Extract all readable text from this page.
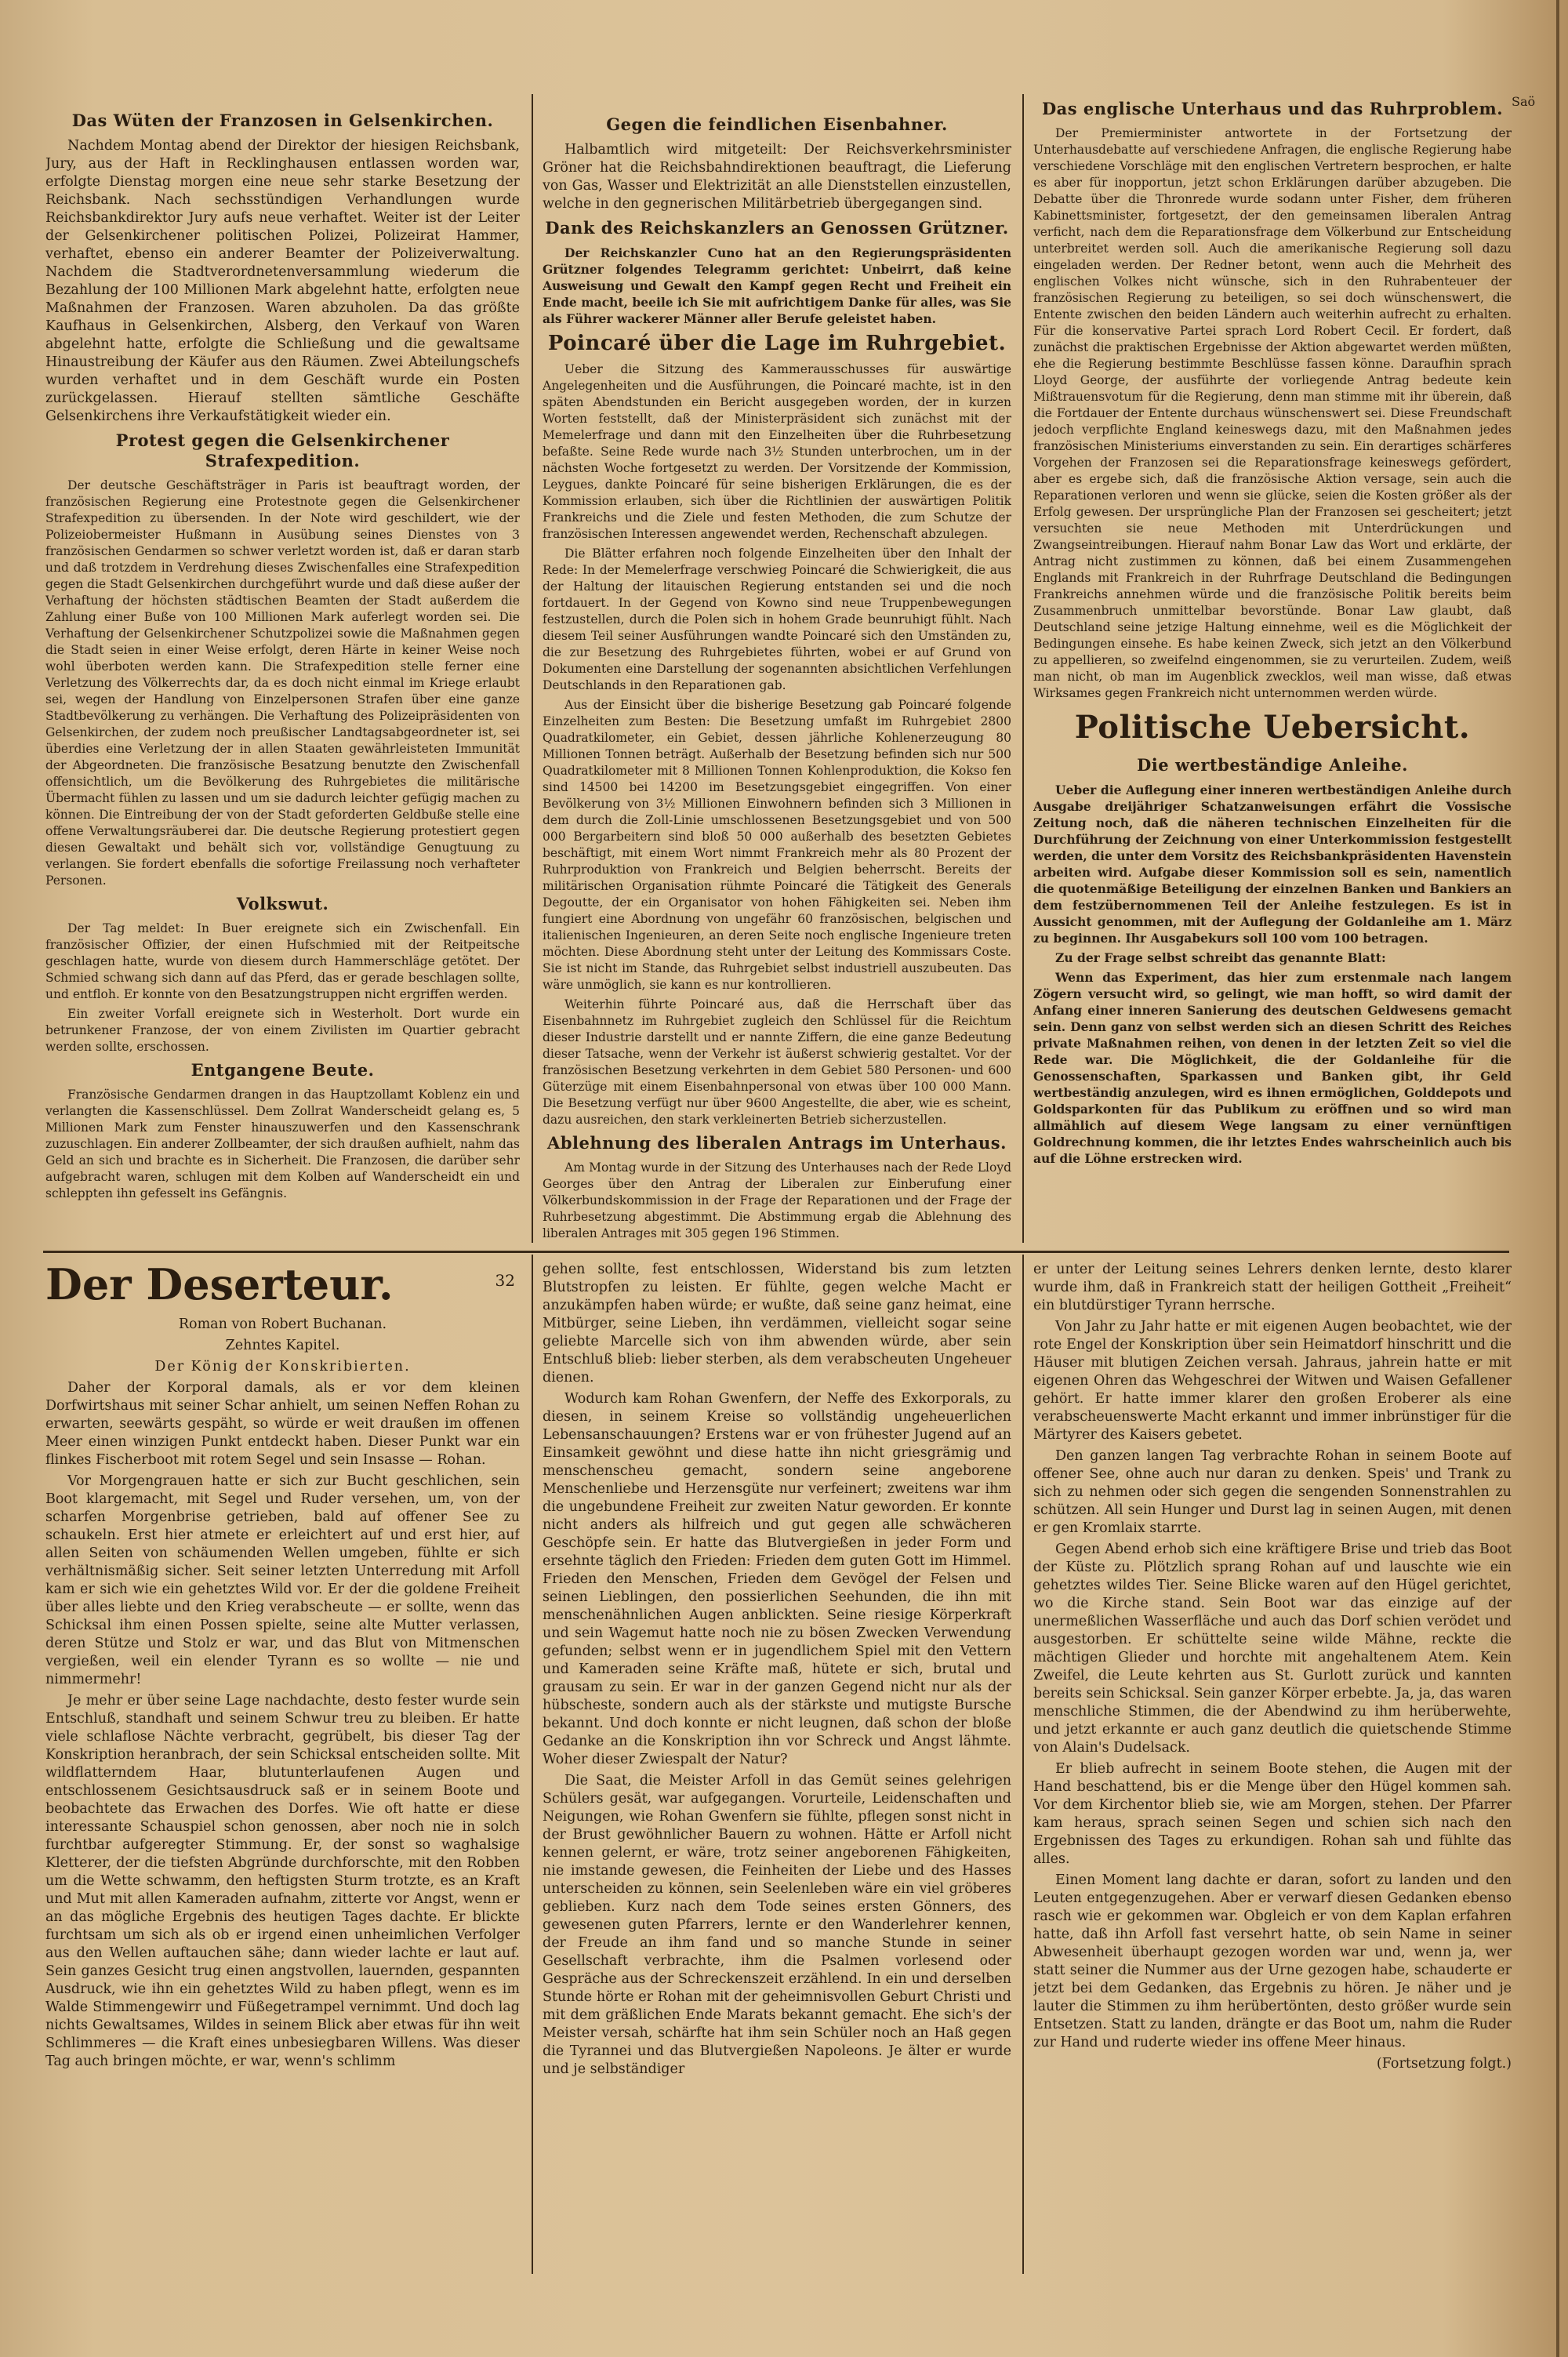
Das Wüten der Franzosen in Gelsenkirchen.

Nachdem Montag abend der Direktor der hiesigen Reichsbank, Jury, aus der Haft in Recklinghausen entlassen worden war, erfolgte Dienstag morgen eine neue sehr starke Besetzung der Reichsbank. Nach sechsstündigen Verhandlungen wurde Reichsbankdirektor Jury aufs neue verhaftet. Weiter ist der Leiter der Gelsenkirchener politischen Polizei, Polizeirat Hammer, verhaftet, ebenso ein anderer Beamter der Polizeiverwaltung. Nachdem die Stadtverordnetenversammlung wiederum die Bezahlung der 100 Millionen Mark abgelehnt hatte, erfolgten neue Maßnahmen der Franzosen. Waren abzuholen. Da das größte Kaufhaus in Gelsenkirchen, Alsberg, den Verkauf von Waren abgelehnt hatte, erfolgte die Schließung und die gewaltsame Hinaustreibung der Käufer aus den Räumen. Zwei Abteilungschefs wurden verhaftet und in dem Geschäft wurde ein Posten zurückgelassen. Hierauf stellten sämtliche Geschäfte Gelsenkirchens ihre Verkaufstätigkeit wieder ein.

Protest gegen die Gelsenkirchener Strafexpedition.

Der deutsche Geschäftsträger in Paris ist beauftragt worden, der französischen Regierung eine Protestnote gegen die Gelsenkirchener Strafexpedition zu übersenden. In der Note wird geschildert, wie der Polizeiobermeister Hußmann in Ausübung seines Dienstes von 3 französischen Gendarmen so schwer verletzt worden ist, daß er daran starb und daß trotzdem in Verdrehung dieses Zwischenfalles eine Strafexpedition gegen die Stadt Gelsenkirchen durchgeführt wurde und daß diese außer der Verhaftung der höchsten städtischen Beamten der Stadt außerdem die Zahlung einer Buße von 100 Millionen Mark auferlegt worden sei. Die Verhaftung der Gelsenkirchener Schutzpolizei sowie die Maßnahmen gegen die Stadt seien in einer Weise erfolgt, deren Härte in keiner Weise noch wohl überboten werden kann. Die Strafexpedition stelle ferner eine Verletzung des Völkerrechts dar, da es doch nicht einmal im Kriege erlaubt sei, wegen der Handlung von Einzelpersonen Strafen über eine ganze Stadtbevölkerung zu verhängen. Die Verhaftung des Polizeipräsidenten von Gelsenkirchen, der zudem noch preußischer Landtagsabgeordneter ist, sei überdies eine Verletzung der in allen Staaten gewährleisteten Immunität der Abgeordneten. Die französische Besatzung benutzte den Zwischenfall offensichtlich, um die Bevölkerung des Ruhrgebietes die militärische Übermacht fühlen zu lassen und um sie dadurch leichter gefügig machen zu können. Die Eintreibung der von der Stadt geforderten Geldbuße stelle eine offene Verwaltungsräuberei dar. Die deutsche Regierung protestiert gegen diesen Gewaltakt und behält sich vor, vollständige Genugtuung zu verlangen. Sie fordert ebenfalls die sofortige Freilassung noch verhafteter Personen.

Volkswut.

Der Tag meldet: In Buer ereignete sich ein Zwischenfall. Ein französischer Offizier, der einen Hufschmied mit der Reitpeitsche geschlagen hatte, wurde von diesem durch Hammerschläge getötet. Der Schmied schwang sich dann auf das Pferd, das er gerade beschlagen sollte, und entfloh. Er konnte von den Besatzungstruppen nicht ergriffen werden.

Ein zweiter Vorfall ereignete sich in Westerholt. Dort wurde ein betrunkener Franzose, der von einem Zivilisten im Quartier gebracht werden sollte, erschossen.

Entgangene Beute.

Französische Gendarmen drangen in das Hauptzollamt Koblenz ein und verlangten die Kassenschlüssel. Dem Zollrat Wanderscheidt gelang es, 5 Millionen Mark zum Fenster hinauszuwerfen und den Kassenschrank zuzuschlagen. Ein anderer Zollbeamter, der sich draußen aufhielt, nahm das Geld an sich und brachte es in Sicherheit. Die Franzosen, die darüber sehr aufgebracht waren, schlugen mit dem Kolben auf Wanderscheidt ein und schleppten ihn gefesselt ins Gefängnis.

Gegen die feindlichen Eisenbahner.

Halbamtlich wird mitgeteilt: Der Reichsverkehrsminister Gröner hat die Reichsbahndirektionen beauftragt, die Lieferung von Gas, Wasser und Elektrizität an alle Dienststellen einzustellen, welche in den gegnerischen Militärbetrieb übergegangen sind.

Dank des Reichskanzlers an Genossen Grützner.

Der Reichskanzler Cuno hat an den Regierungspräsidenten Grützner folgendes Telegramm gerichtet: Unbeirrt, daß keine Ausweisung und Gewalt den Kampf gegen Recht und Freiheit ein Ende macht, beeile ich Sie mit aufrichtigem Danke für alles, was Sie als Führer wackerer Männer aller Berufe geleistet haben.

Poincaré über die Lage im Ruhrgebiet.

Ueber die Sitzung des Kammerausschusses für auswärtige Angelegenheiten und die Ausführungen, die Poincaré machte, ist in den späten Abendstunden ein Bericht ausgegeben worden, der in kurzen Worten feststellt, daß der Ministerpräsident sich zunächst mit der Memelerfrage und dann mit den Einzelheiten über die Ruhrbesetzung befaßte. Seine Rede wurde nach 3½ Stunden unterbrochen, um in der nächsten Woche fortgesetzt zu werden. Der Vorsitzende der Kommission, Leygues, dankte Poincaré für seine bisherigen Erklärungen, die es der Kommission erlauben, sich über die Richtlinien der auswärtigen Politik Frankreichs und die Ziele und festen Methoden, die zum Schutze der französischen Interessen angewendet werden, Rechenschaft abzulegen.

Die Blätter erfahren noch folgende Einzelheiten über den Inhalt der Rede: In der Memelerfrage verschwieg Poincaré die Schwierigkeit, die aus der Haltung der litauischen Regierung entstanden sei und die noch fortdauert. In der Gegend von Kowno sind neue Truppenbewegungen festzustellen, durch die Polen sich in hohem Grade beunruhigt fühlt. Nach diesem Teil seiner Ausführungen wandte Poincaré sich den Umständen zu, die zur Besetzung des Ruhrgebietes führten, wobei er auf Grund von Dokumenten eine Darstellung der sogenannten absichtlichen Verfehlungen Deutschlands in den Reparationen gab.

Aus der Einsicht über die bisherige Besetzung gab Poincaré folgende Einzelheiten zum Besten: Die Besetzung umfaßt im Ruhrgebiet 2800 Quadratkilometer, ein Gebiet, dessen jährliche Kohlenerzeugung 80 Millionen Tonnen beträgt. Außerhalb der Besetzung befinden sich nur 500 Quadratkilometer mit 8 Millionen Tonnen Kohlenproduktion, die Kokso fen sind 14500 bei 14200 im Besetzungsgebiet eingegriffen. Von einer Bevölkerung von 3½ Millionen Einwohnern befinden sich 3 Millionen in dem durch die Zoll-Linie umschlossenen Besetzungsgebiet und von 500 000 Bergarbeitern sind bloß 50 000 außerhalb des besetzten Gebietes beschäftigt, mit einem Wort nimmt Frankreich mehr als 80 Prozent der Ruhrproduktion von Frankreich und Belgien beherrscht. Bereits der militärischen Organisation rühmte Poincaré die Tätigkeit des Generals Degoutte, der ein Organisator von hohen Fähigkeiten sei. Neben ihm fungiert eine Abordnung von ungefähr 60 französischen, belgischen und italienischen Ingenieuren, an deren Seite noch englische Ingenieure treten möchten. Diese Abordnung steht unter der Leitung des Kommissars Coste. Sie ist nicht im Stande, das Ruhrgebiet selbst industriell auszubeuten. Das wäre unmöglich, sie kann es nur kontrollieren.

Weiterhin führte Poincaré aus, daß die Herrschaft über das Eisenbahnnetz im Ruhrgebiet zugleich den Schlüssel für die Reichtum dieser Industrie darstellt und er nannte Ziffern, die eine ganze Bedeutung dieser Tatsache, wenn der Verkehr ist äußerst schwierig gestaltet. Vor der französischen Besetzung verkehrten in dem Gebiet 580 Personen- und 600 Güterzüge mit einem Eisenbahnpersonal von etwas über 100 000 Mann. Die Besetzung verfügt nur über 9600 Angestellte, die aber, wie es scheint, dazu ausreichen, den stark verkleinerten Betrieb sicherzustellen.

Ablehnung des liberalen Antrags im Unterhaus.

Am Montag wurde in der Sitzung des Unterhauses nach der Rede Lloyd Georges über den Antrag der Liberalen zur Einberufung einer Völkerbundskommission in der Frage der Reparationen und der Frage der Ruhrbesetzung abgestimmt. Die Abstimmung ergab die Ablehnung des liberalen Antrages mit 305 gegen 196 Stimmen.

Das englische Unterhaus und das Ruhrproblem.

Der Premierminister antwortete in der Fortsetzung der Unterhausdebatte auf verschiedene Anfragen, die englische Regierung habe verschiedene Vorschläge mit den englischen Vertretern besprochen, er halte es aber für inopportun, jetzt schon Erklärungen darüber abzugeben. Die Debatte über die Thronrede wurde sodann unter Fisher, dem früheren Kabinettsminister, fortgesetzt, der den gemeinsamen liberalen Antrag verficht, nach dem die Reparationsfrage dem Völkerbund zur Entscheidung unterbreitet werden soll. Auch die amerikanische Regierung soll dazu eingeladen werden. Der Redner betont, wenn auch die Mehrheit des englischen Volkes nicht wünsche, sich in den Ruhrabenteuer der französischen Regierung zu beteiligen, so sei doch wünschenswert, die Entente zwischen den beiden Ländern auch weiterhin aufrecht zu erhalten. Für die konservative Partei sprach Lord Robert Cecil. Er fordert, daß zunächst die praktischen Ergebnisse der Aktion abgewartet werden müßten, ehe die Regierung bestimmte Beschlüsse fassen könne. Daraufhin sprach Lloyd George, der ausführte der vorliegende Antrag bedeute kein Mißtrauensvotum für die Regierung, denn man stimme mit ihr überein, daß die Fortdauer der Entente durchaus wünschenswert sei. Diese Freundschaft jedoch verpflichte England keineswegs dazu, mit den Maßnahmen jedes französischen Ministeriums einverstanden zu sein. Ein derartiges schärferes Vorgehen der Franzosen sei die Reparationsfrage keineswegs gefördert, aber es ergebe sich, daß die französische Aktion versage, sein auch die Reparationen verloren und wenn sie glücke, seien die Kosten größer als der Erfolg gewesen. Der ursprüngliche Plan der Franzosen sei gescheitert; jetzt versuchten sie neue Methoden mit Unterdrückungen und Zwangseintreibungen. Hierauf nahm Bonar Law das Wort und erklärte, der Antrag nicht zustimmen zu können, daß bei einem Zusammengehen Englands mit Frankreich in der Ruhrfrage Deutschland die Bedingungen Frankreichs annehmen würde und die französische Politik bereits beim Zusammenbruch unmittelbar bevorstünde. Bonar Law glaubt, daß Deutschland seine jetzige Haltung einnehme, weil es die Möglichkeit der Bedingungen einsehe. Es habe keinen Zweck, sich jetzt an den Völkerbund zu appellieren, so zweifelnd eingenommen, sie zu verurteilen. Zudem, weiß man nicht, ob man im Augenblick zwecklos, weil man wisse, daß etwas Wirksames gegen Frankreich nicht unternommen werden würde.

Politische Uebersicht.
Die wertbeständige Anleihe.

Ueber die Auflegung einer inneren wertbeständigen Anleihe durch Ausgabe dreijähriger Schatzanweisungen erfährt die Vossische Zeitung noch, daß die näheren technischen Einzelheiten für die Durchführung der Zeichnung von einer Unterkommission festgestellt werden, die unter dem Vorsitz des Reichsbankpräsidenten Havenstein arbeiten wird. Aufgabe dieser Kommission soll es sein, namentlich die quotenmäßige Beteiligung der einzelnen Banken und Bankiers an dem festzübernommenen Teil der Anleihe festzulegen. Es ist in Aussicht genommen, mit der Auflegung der Goldanleihe am 1. März zu beginnen. Ihr Ausgabekurs soll 100 vom 100 betragen.

Zu der Frage selbst schreibt das genannte Blatt:

Wenn das Experiment, das hier zum erstenmale nach langem Zögern versucht wird, so gelingt, wie man hofft, so wird damit der Anfang einer inneren Sanierung des deutschen Geldwesens gemacht sein. Denn ganz von selbst werden sich an diesen Schritt des Reiches private Maßnahmen reihen, von denen in der letzten Zeit so viel die Rede war. Die Möglichkeit, die der Goldanleihe für die Genossenschaften, Sparkassen und Banken gibt, ihr Geld wertbeständig anzulegen, wird es ihnen ermöglichen, Golddepots und Goldsparkonten für das Publikum zu eröffnen und so wird man allmählich auf diesem Wege langsam zu einer vernünftigen Goldrechnung kommen, die ihr letztes Endes wahrscheinlich auch bis auf die Löhne erstrecken wird.

Der Deserteur.	32

Roman von Robert Buchanan.

Zehntes Kapitel.

Der König der Konskribierten.

Daher der Korporal damals, als er vor dem kleinen Dorfwirtshaus mit seiner Schar anhielt, um seinen Neffen Rohan zu erwarten, seewärts gespäht, so würde er weit draußen im offenen Meer einen winzigen Punkt entdeckt haben. Dieser Punkt war ein flinkes Fischerboot mit rotem Segel und sein Insasse — Rohan.

Vor Morgengrauen hatte er sich zur Bucht geschlichen, sein Boot klargemacht, mit Segel und Ruder versehen, um, von der scharfen Morgenbrise getrieben, bald auf offener See zu schaukeln. Erst hier atmete er erleichtert auf und erst hier, auf allen Seiten von schäumenden Wellen umgeben, fühlte er sich verhältnismäßig sicher. Seit seiner letzten Unterredung mit Arfoll kam er sich wie ein gehetztes Wild vor. Er der die goldene Freiheit über alles liebte und den Krieg verabscheute — er sollte, wenn das Schicksal ihm einen Possen spielte, seine alte Mutter verlassen, deren Stütze und Stolz er war, und das Blut von Mitmenschen vergießen, weil ein elender Tyrann es so wollte — nie und nimmermehr!

Je mehr er über seine Lage nachdachte, desto fester wurde sein Entschluß, standhaft und seinem Schwur treu zu bleiben. Er hatte viele schlaflose Nächte verbracht, gegrübelt, bis dieser Tag der Konskription heranbrach, der sein Schicksal entscheiden sollte. Mit wildflatterndem Haar, blutunterlaufenen Augen und entschlossenem Gesichtsausdruck saß er in seinem Boote und beobachtete das Erwachen des Dorfes. Wie oft hatte er diese interessante Schauspiel schon genossen, aber noch nie in solch furchtbar aufgeregter Stimmung. Er, der sonst so waghalsige Kletterer, der die tiefsten Abgründe durchforschte, mit den Robben um die Wette schwamm, den heftigsten Sturm trotzte, es an Kraft und Mut mit allen Kameraden aufnahm, zitterte vor Angst, wenn er an das mögliche Ergebnis des heutigen Tages dachte. Er blickte furchtsam um sich als ob er irgend einen unheimlichen Verfolger aus den Wellen auftauchen sähe; dann wieder lachte er laut auf. Sein ganzes Gesicht trug einen angstvollen, lauernden, gespannten Ausdruck, wie ihn ein gehetztes Wild zu haben pflegt, wenn es im Walde Stimmengewirr und Füßegetrampel vernimmt. Und doch lag nichts Gewaltsames, Wildes in seinem Blick aber etwas für ihn weit Schlimmeres — die Kraft eines unbesiegbaren Willens. Was dieser Tag auch bringen möchte, er war, wenn's schlimm

gehen sollte, fest entschlossen, Widerstand bis zum letzten Blutstropfen zu leisten. Er fühlte, gegen welche Macht er anzukämpfen haben würde; er wußte, daß seine ganz heimat, eine Mitbürger, seine Lieben, ihn verdämmen, vielleicht sogar seine geliebte Marcelle sich von ihm abwenden würde, aber sein Entschluß blieb: lieber sterben, als dem verabscheuten Ungeheuer dienen.

Wodurch kam Rohan Gwenfern, der Neffe des Exkorporals, zu diesen, in seinem Kreise so vollständig ungeheuerlichen Lebensanschauungen? Erstens war er von frühester Jugend auf an Einsamkeit gewöhnt und diese hatte ihn nicht griesgrämig und menschenscheu gemacht, sondern seine angeborene Menschenliebe und Herzensgüte nur verfeinert; zweitens war ihm die ungebundene Freiheit zur zweiten Natur geworden. Er konnte nicht anders als hilfreich und gut gegen alle schwächeren Geschöpfe sein. Er hatte das Blutvergießen in jeder Form und ersehnte täglich den Frieden: Frieden dem guten Gott im Himmel. Frieden den Menschen, Frieden dem Gevögel der Felsen und seinen Lieblingen, den possierlichen Seehunden, die ihn mit menschenähnlichen Augen anblickten. Seine riesige Körperkraft und sein Wagemut hatte noch nie zu bösen Zwecken Verwendung gefunden; selbst wenn er in jugendlichem Spiel mit den Vettern und Kameraden seine Kräfte maß, hütete er sich, brutal und grausam zu sein. Er war in der ganzen Gegend nicht nur als der hübscheste, sondern auch als der stärkste und mutigste Bursche bekannt. Und doch konnte er nicht leugnen, daß schon der bloße Gedanke an die Konskription ihn vor Schreck und Angst lähmte. Woher dieser Zwiespalt der Natur?

Die Saat, die Meister Arfoll in das Gemüt seines gelehrigen Schülers gesät, war aufgegangen. Vorurteile, Leidenschaften und Neigungen, wie Rohan Gwenfern sie fühlte, pflegen sonst nicht in der Brust gewöhnlicher Bauern zu wohnen. Hätte er Arfoll nicht kennen gelernt, er wäre, trotz seiner angeborenen Fähigkeiten, nie imstande gewesen, die Feinheiten der Liebe und des Hasses unterscheiden zu können, sein Seelenleben wäre ein viel gröberes geblieben. Kurz nach dem Tode seines ersten Gönners, des gewesenen guten Pfarrers, lernte er den Wanderlehrer kennen, der Freude an ihm fand und so manche Stunde in seiner Gesellschaft verbrachte, ihm die Psalmen vorlesend oder Gespräche aus der Schreckenszeit erzählend. In ein und derselben Stunde hörte er Rohan mit der geheimnisvollen Geburt Christi und mit dem gräßlichen Ende Marats bekannt gemacht. Ehe sich's der Meister versah, schärfte hat ihm sein Schüler noch an Haß gegen die Tyrannei und das Blutvergießen Napoleons. Je älter er wurde und je selbständiger

er unter der Leitung seines Lehrers denken lernte, desto klarer wurde ihm, daß in Frankreich statt der heiligen Gottheit „Freiheit“ ein blutdürstiger Tyrann herrsche.

Von Jahr zu Jahr hatte er mit eigenen Augen beobachtet, wie der rote Engel der Konskription über sein Heimatdorf hinschritt und die Häuser mit blutigen Zeichen versah. Jahraus, jahrein hatte er mit eigenen Ohren das Wehgeschrei der Witwen und Waisen Gefallener gehört. Er hatte immer klarer den großen Eroberer als eine verabscheuenswerte Macht erkannt und immer inbrünstiger für die Märtyrer des Kaisers gebetet.

Den ganzen langen Tag verbrachte Rohan in seinem Boote auf offener See, ohne auch nur daran zu denken. Speis' und Trank zu sich zu nehmen oder sich gegen die sengenden Sonnenstrahlen zu schützen. All sein Hunger und Durst lag in seinen Augen, mit denen er gen Kromlaix starrte.

Gegen Abend erhob sich eine kräftigere Brise und trieb das Boot der Küste zu. Plötzlich sprang Rohan auf und lauschte wie ein gehetztes wildes Tier. Seine Blicke waren auf den Hügel gerichtet, wo die Kirche stand. Sein Boot war das einzige auf der unermeßlichen Wasserfläche und auch das Dorf schien verödet und ausgestorben. Er schüttelte seine wilde Mähne, reckte die mächtigen Glieder und horchte mit angehaltenem Atem. Kein Zweifel, die Leute kehrten aus St. Gurlott zurück und kannten bereits sein Schicksal. Sein ganzer Körper erbebte. Ja, ja, das waren menschliche Stimmen, die der Abendwind zu ihm herüberwehte, und jetzt erkannte er auch ganz deutlich die quietschende Stimme von Alain's Dudelsack.

Er blieb aufrecht in seinem Boote stehen, die Augen mit der Hand beschattend, bis er die Menge über den Hügel kommen sah. Vor dem Kirchentor blieb sie, wie am Morgen, stehen. Der Pfarrer kam heraus, sprach seinen Segen und schien sich nach den Ergebnissen des Tages zu erkundigen. Rohan sah und fühlte das alles.

Einen Moment lang dachte er daran, sofort zu landen und den Leuten entgegenzugehen. Aber er verwarf diesen Gedanken ebenso rasch wie er gekommen war. Obgleich er von dem Kaplan erfahren hatte, daß ihn Arfoll fast versehrt hatte, ob sein Name in seiner Abwesenheit überhaupt gezogen worden war und, wenn ja, wer statt seiner die Nummer aus der Urne gezogen habe, schauderte er jetzt bei dem Gedanken, das Ergebnis zu hören. Je näher und je lauter die Stimmen zu ihm herübertönten, desto größer wurde sein Entsetzen. Statt zu landen, drängte er das Boot um, nahm die Ruder zur Hand und ruderte wieder ins offene Meer hinaus.

(Fortsetzung folgt.)

Saö
